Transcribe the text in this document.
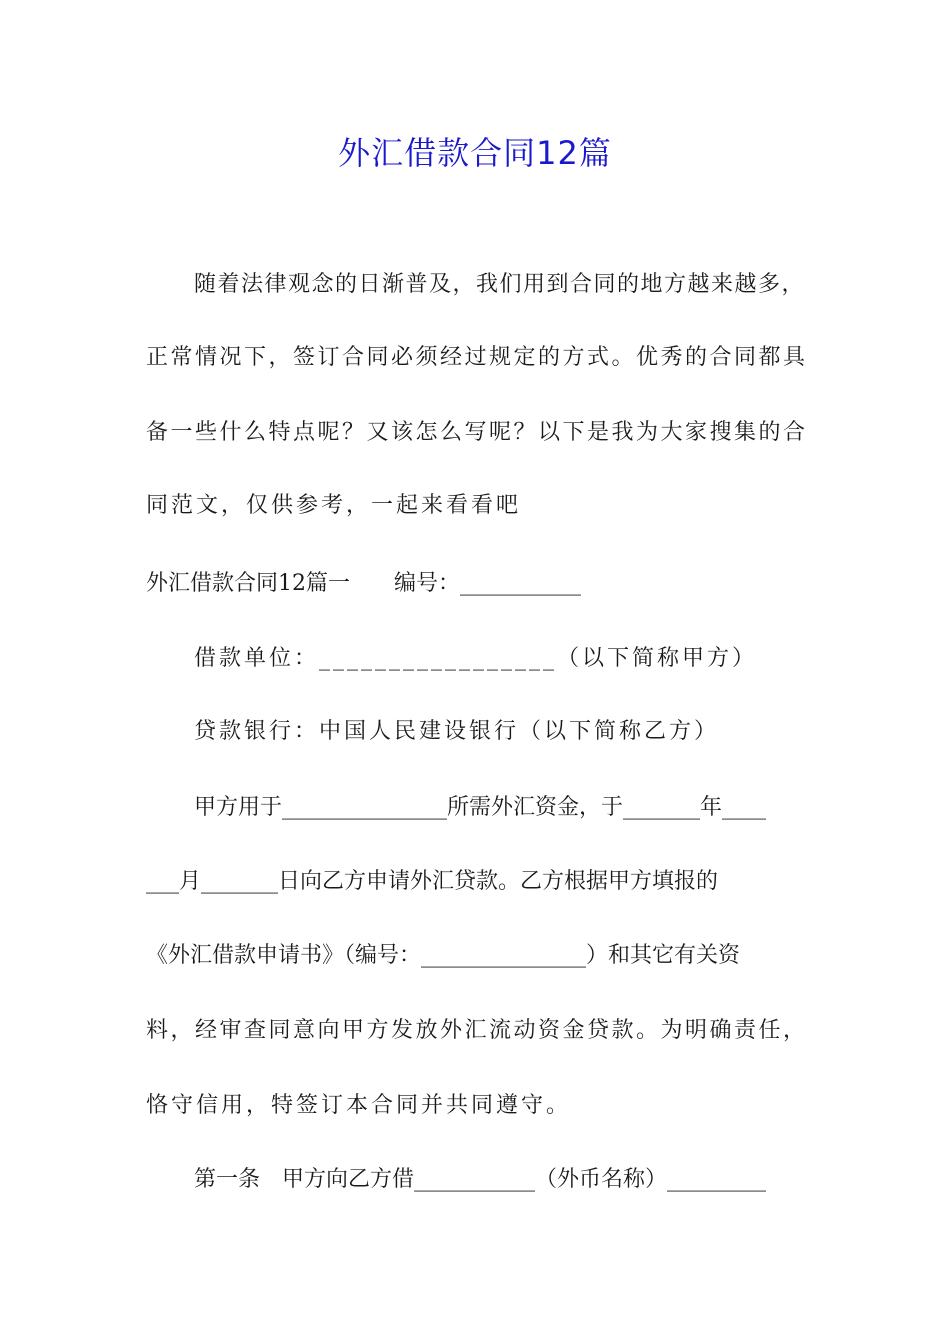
外汇借款合同12篇
随着法律观念的日渐普及，我们用到合同的地方越来越多，
正常情况下，签订合同必须经过规定的方式。优秀的合同都具
备一些什么特点呢？又该怎么写呢？以下是我为大家搜集的合
同范文，仅供参考，一起来看看吧
外汇借款合同12篇一　　编号：___________
借款单位：_________________（以下简称甲方）
贷款银行：中国人民建设银行（以下简称乙方）
甲方用于_______________所需外汇资金，于_______年____
___月_______日向乙方申请外汇贷款。乙方根据甲方填报的
《外汇借款申请书》（编号：_______________）和其它有关资
料，经审查同意向甲方发放外汇流动资金贷款。为明确责任，
恪守信用，特签订本合同并共同遵守。
第一条　甲方向乙方借___________（外币名称）_________
